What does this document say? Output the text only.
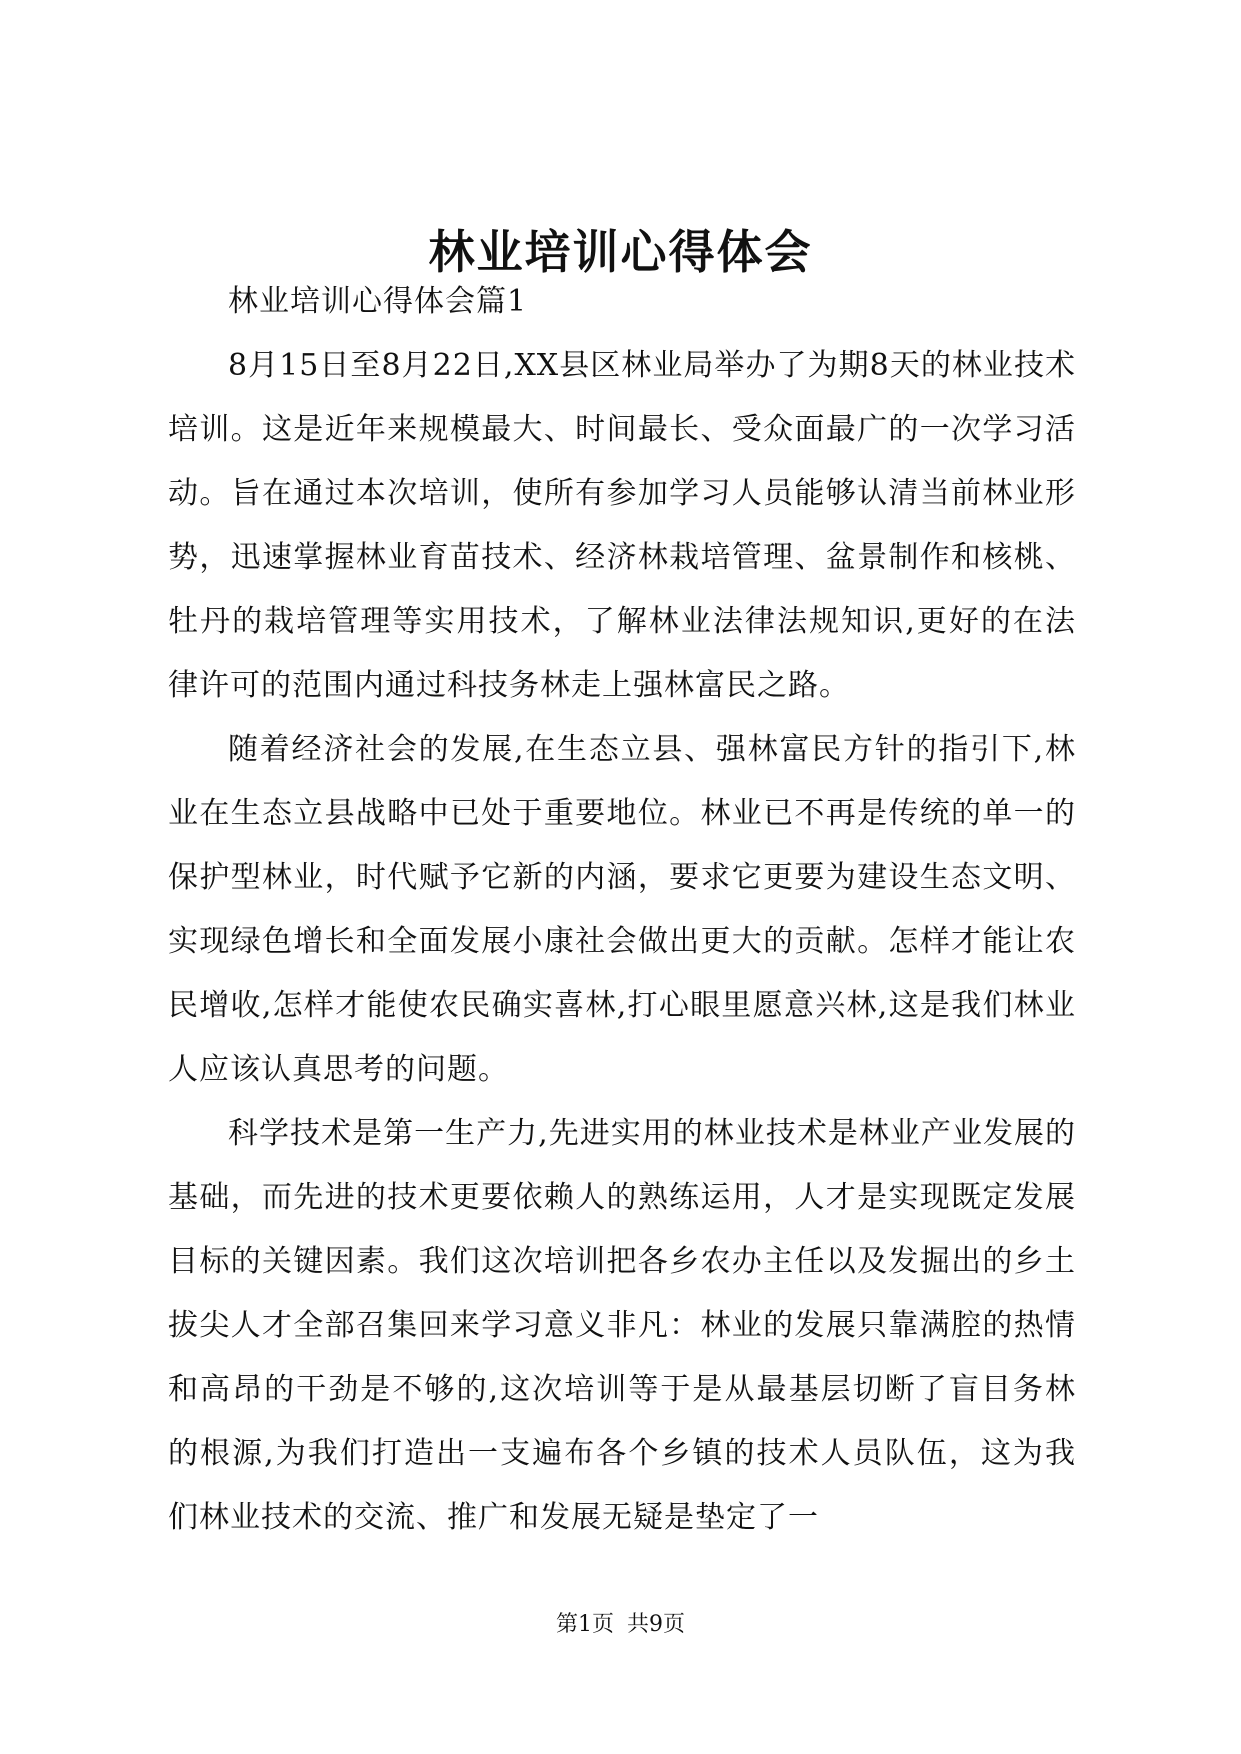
林业培训心得体会

林业培训心得体会篇1

8月15日至8月22日,XX县区林业局举办了为期8天的林业技术培训。这是近年来规模最大、时间最长、受众面最广的一次学习活动。旨在通过本次培训，使所有参加学习人员能够认清当前林业形势，迅速掌握林业育苗技术、经济林栽培管理、盆景制作和核桃、牡丹的栽培管理等实用技术，了解林业法律法规知识,更好的在法律许可的范围内通过科技务林走上强林富民之路。

随着经济社会的发展,在生态立县、强林富民方针的指引下,林业在生态立县战略中已处于重要地位。林业已不再是传统的单一的保护型林业，时代赋予它新的内涵，要求它更要为建设生态文明、实现绿色增长和全面发展小康社会做出更大的贡献。怎样才能让农民增收,怎样才能使农民确实喜林,打心眼里愿意兴林,这是我们林业人应该认真思考的问题。

科学技术是第一生产力,先进实用的林业技术是林业产业发展的基础，而先进的技术更要依赖人的熟练运用，人才是实现既定发展目标的关键因素。我们这次培训把各乡农办主任以及发掘出的乡土拔尖人才全部召集回来学习意义非凡：林业的发展只靠满腔的热情和高昂的干劲是不够的,这次培训等于是从最基层切断了盲目务林的根源,为我们打造出一支遍布各个乡镇的技术人员队伍，这为我们林业技术的交流、推广和发展无疑是垫定了一

第1页 共9页
